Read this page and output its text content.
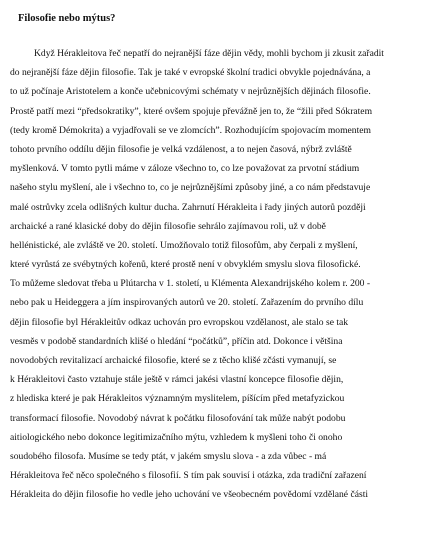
Filosofie nebo mýtus?
Když Hérakleitova řeč nepatří do nejranější fáze dějin vědy, mohli bychom ji zkusit zařadit
do nejranější fáze dějin filosofie. Tak je také v evropské školní tradici obvykle pojednávána, a
to už počínaje Aristotelem a konče učebnicovými schématy v nejrůznějších dějinách filosofie.
Prostě patří mezi “předsokratiky”, které ovšem spojuje převážně jen to, že “žili před Sókratem
(tedy kromě Démokrita) a vyjadřovali se ve zlomcích”. Rozhodujícím spojovacím momentem
tohoto prvního oddílu dějin filosofie je velká vzdálenost, a to nejen časová, nýbrž zvláště
myšlenková. V tomto pytli máme v záloze všechno to, co lze považovat za prvotní stádium
našeho stylu myšlení, ale i všechno to, co je nejrůznějšími způsoby jiné, a co nám představuje
malé ostrůvky zcela odlišných kultur ducha. Zahrnutí Hérakleita i řady jiných autorů později
archaické a rané klasické doby do dějin filosofie sehrálo zajímavou roli, už v době
hellénistické, ale zvláště ve 20. století. Umožňovalo totiž filosofům, aby čerpali z myšlení,
které vyrůstá ze svébytných kořenů, které prostě není v obvyklém smyslu slova filosofické.
To můžeme sledovat třeba u Plútarcha v 1. století, u Klémenta Alexandrijského kolem r. 200 -
nebo pak u Heideggera a jím inspirovaných autorů ve 20. století. Zařazením do prvního dílu
dějin filosofie byl Hérakleitův odkaz uchován pro evropskou vzdělanost, ale stalo se tak
vesměs v podobě standardních klišé o hledání “počátků”, příčin atd. Dokonce i většina
novodobých revitalizací archaické filosofie, které se z těcho klišé zčásti vymanují, se
k Hérakleitovi často vztahuje stále ještě v rámci jakési vlastní koncepce filosofie dějin,
z hlediska které je pak Hérakleitos významným myslitelem, píšícím před metafyzickou
transformací filosofie. Novodobý návrat k počátku filosofování tak může nabýt podobu
aitiologického nebo dokonce legitimizačního mýtu, vzhledem k myšleni toho či onoho
soudobého filosofa. Musíme se tedy ptát, v jakém smyslu slova - a zda vůbec - má
Hérakleitova řeč něco společného s filosofií. S tím pak souvisí i otázka, zda tradiční zařazení
Hérakleita do dějin filosofie ho vedle jeho uchování ve všeobecném povědomí vzdělané části
